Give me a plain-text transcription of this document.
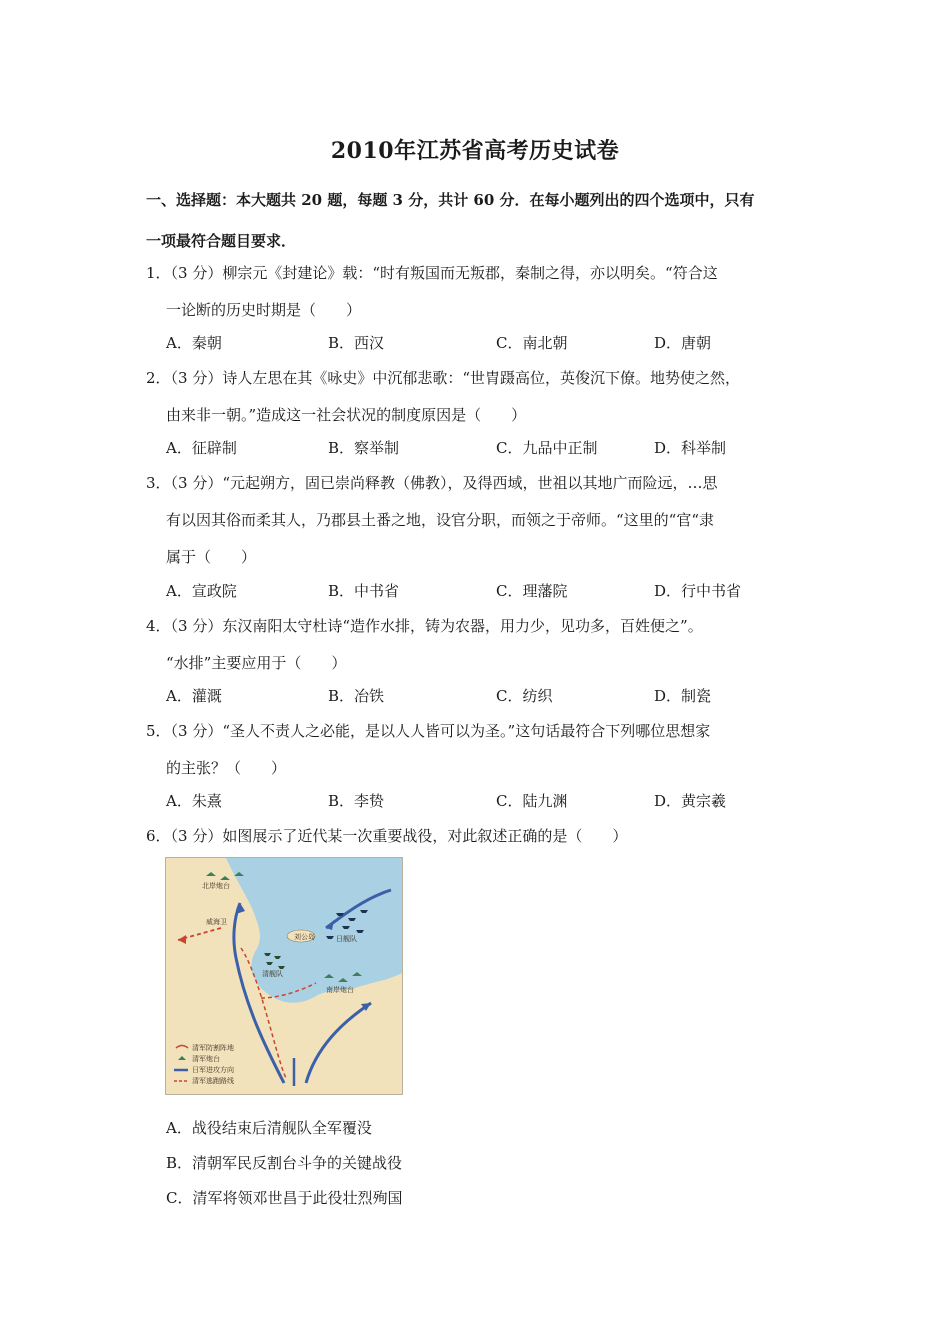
2010年江苏省高考历史试卷
一、选择题：本大题共 20 题，每题 3 分，共计 60 分．在每小题列出的四个选项中，只有
一项最符合题目要求．
1．（3 分）柳宗元《封建论》载：“时有叛国而无叛郡，秦制之得，亦以明矣。“符合这
一论断的历史时期是（　　）
A．秦朝	B．西汉	C．南北朝	D．唐朝
2．（3 分）诗人左思在其《咏史》中沉郁悲歌：“世胄蹑高位，英俊沉下僚。地势使之然，
由来非一朝。”造成这一社会状况的制度原因是（　　）
A．征辟制	B．察举制	C．九品中正制	D．科举制
3．（3 分）“元起朔方，固已崇尚释教（佛教），及得西域，世祖以其地广而险远，…思
有以因其俗而柔其人，乃郡县土番之地，设官分职，而领之于帝师。“这里的“官“隶
属于（　　）
A．宣政院	B．中书省	C．理藩院	D．行中书省
4．（3 分）东汉南阳太守杜诗“造作水排，铸为农器，用力少，见功多，百姓便之”。
“水排”主要应用于（　　）
A．灌溉	B．冶铁	C．纺织	D．制瓷
5．（3 分）“圣人不责人之必能，是以人人皆可以为圣。”这句话最符合下列哪位思想家
的主张？（　　）
A．朱熹	B．李贽	C．陆九渊	D．黄宗羲
6．（3 分）如图展示了近代某一次重要战役，对此叙述正确的是（　　）
北岸炮台
威海卫
刘公岛	日舰队
清舰队
南岸炮台
清军防割阵地
清军炮台
日军进攻方向
清军逃跑路线
A．战役结束后清舰队全军覆没
B．清朝军民反割台斗争的关键战役
C．清军将领邓世昌于此役壮烈殉国
